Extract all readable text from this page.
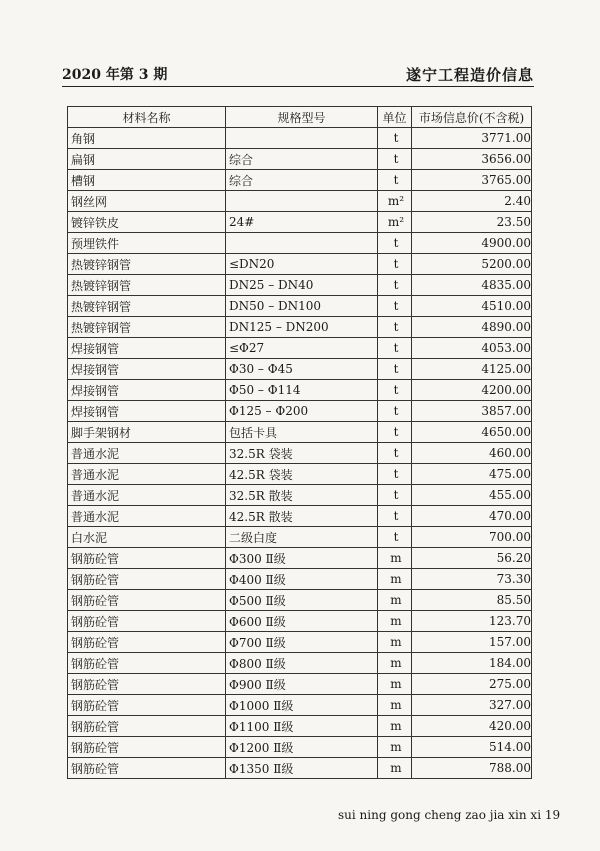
2020 年第 3 期	遂宁工程造价信息
材料名称	规格型号	单位	市场信息价(不含税)
角钢		t	3771.00
扁钢	综合	t	3656.00
槽钢	综合	t	3765.00
钢丝网		m²	2.40
镀锌铁皮	24#	m²	23.50
预埋铁件		t	4900.00
热镀锌钢管	≤DN20	t	5200.00
热镀锌钢管	DN25 – DN40	t	4835.00
热镀锌钢管	DN50 – DN100	t	4510.00
热镀锌钢管	DN125 – DN200	t	4890.00
焊接钢管	≤Φ27	t	4053.00
焊接钢管	Φ30 – Φ45	t	4125.00
焊接钢管	Φ50 – Φ114	t	4200.00
焊接钢管	Φ125 – Φ200	t	3857.00
脚手架钢材	包括卡具	t	4650.00
普通水泥	32.5R 袋装	t	460.00
普通水泥	42.5R 袋装	t	475.00
普通水泥	32.5R 散装	t	455.00
普通水泥	42.5R 散装	t	470.00
白水泥	二级白度	t	700.00
钢筋砼管	Φ300 Ⅱ级	m	56.20
钢筋砼管	Φ400 Ⅱ级	m	73.30
钢筋砼管	Φ500 Ⅱ级	m	85.50
钢筋砼管	Φ600 Ⅱ级	m	123.70
钢筋砼管	Φ700 Ⅱ级	m	157.00
钢筋砼管	Φ800 Ⅱ级	m	184.00
钢筋砼管	Φ900 Ⅱ级	m	275.00
钢筋砼管	Φ1000 Ⅱ级	m	327.00
钢筋砼管	Φ1100 Ⅱ级	m	420.00
钢筋砼管	Φ1200 Ⅱ级	m	514.00
钢筋砼管	Φ1350 Ⅱ级	m	788.00
sui ning gong cheng zao jia xin xi 19
